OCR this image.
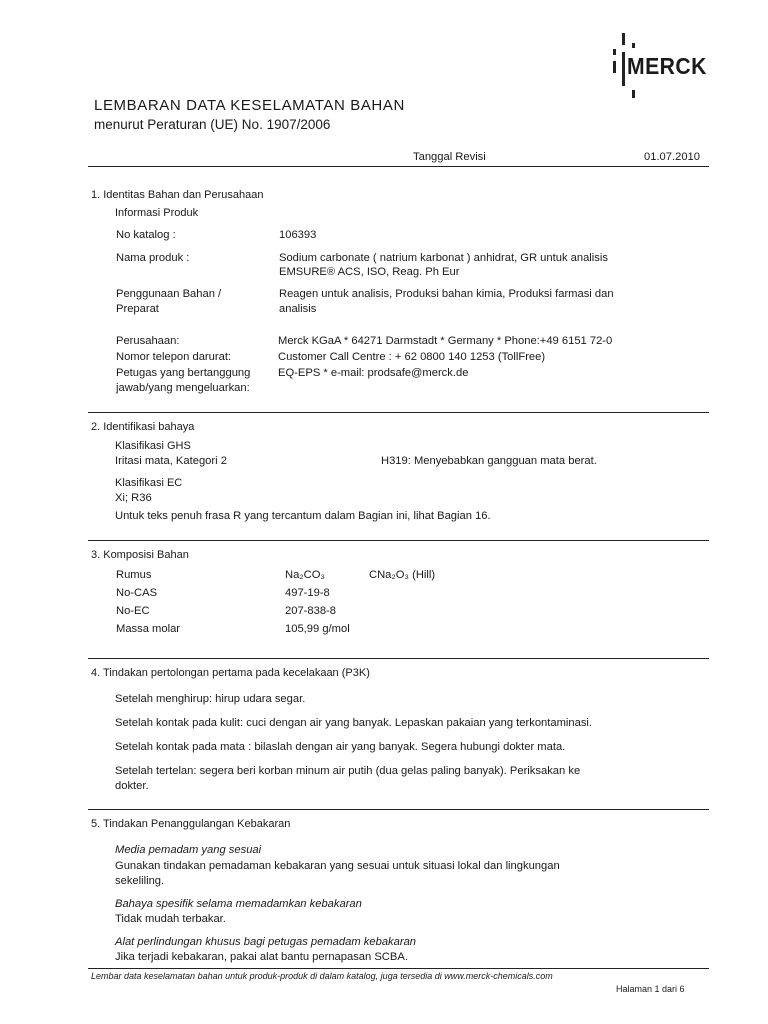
MERCK
LEMBARAN DATA KESELAMATAN BAHAN
menurut Peraturan (UE) No. 1907/2006
Tanggal Revisi	01.07.2010
1. Identitas Bahan dan Perusahaan
Informasi Produk
No katalog :	106393
Nama produk :	Sodium carbonate ( natrium karbonat ) anhidrat, GR untuk analisis
EMSURE® ACS, ISO, Reag. Ph Eur
Penggunaan Bahan /
Preparat
Reagen untuk analisis, Produksi bahan kimia, Produksi farmasi dan
analisis
Perusahaan:	Merck KGaA * 64271 Darmstadt * Germany * Phone:+49 6151 72-0
Nomor telepon darurat:	Customer Call Centre : + 62 0800 140 1253 (TollFree)
Petugas yang bertanggung
jawab/yang mengeluarkan:
EQ-EPS * e-mail: prodsafe@merck.de
2. Identifikasi bahaya
Klasifikasi GHS
Iritasi mata, Kategori 2	H319: Menyebabkan gangguan mata berat.
Klasifikasi EC
Xi; R36
Untuk teks penuh frasa R yang tercantum dalam Bagian ini, lihat Bagian 16.
3. Komposisi Bahan
Rumus	Na₂CO₃	CNa₂O₃ (Hill)
No-CAS	497-19-8
No-EC	207-838-8
Massa molar	105,99 g/mol
4. Tindakan pertolongan pertama pada kecelakaan (P3K)
Setelah menghirup: hirup udara segar.
Setelah kontak pada kulit: cuci dengan air yang banyak. Lepaskan pakaian yang terkontaminasi.
Setelah kontak pada mata : bilaslah dengan air yang banyak. Segera hubungi dokter mata.
Setelah tertelan: segera beri korban minum air putih (dua gelas paling banyak). Periksakan ke
dokter.
5. Tindakan Penanggulangan Kebakaran
Media pemadam yang sesuai
Gunakan tindakan pemadaman kebakaran yang sesuai untuk situasi lokal dan lingkungan
sekeliling.
Bahaya spesifik selama memadamkan kebakaran
Tidak mudah terbakar.
Alat perlindungan khusus bagi petugas pemadam kebakaran
Jika terjadi kebakaran, pakai alat bantu pernapasan SCBA.
Lembar data keselamatan bahan untuk produk-produk di dalam katalog, juga tersedia di www.merck-chemicals.com
Halaman 1 dari 6
